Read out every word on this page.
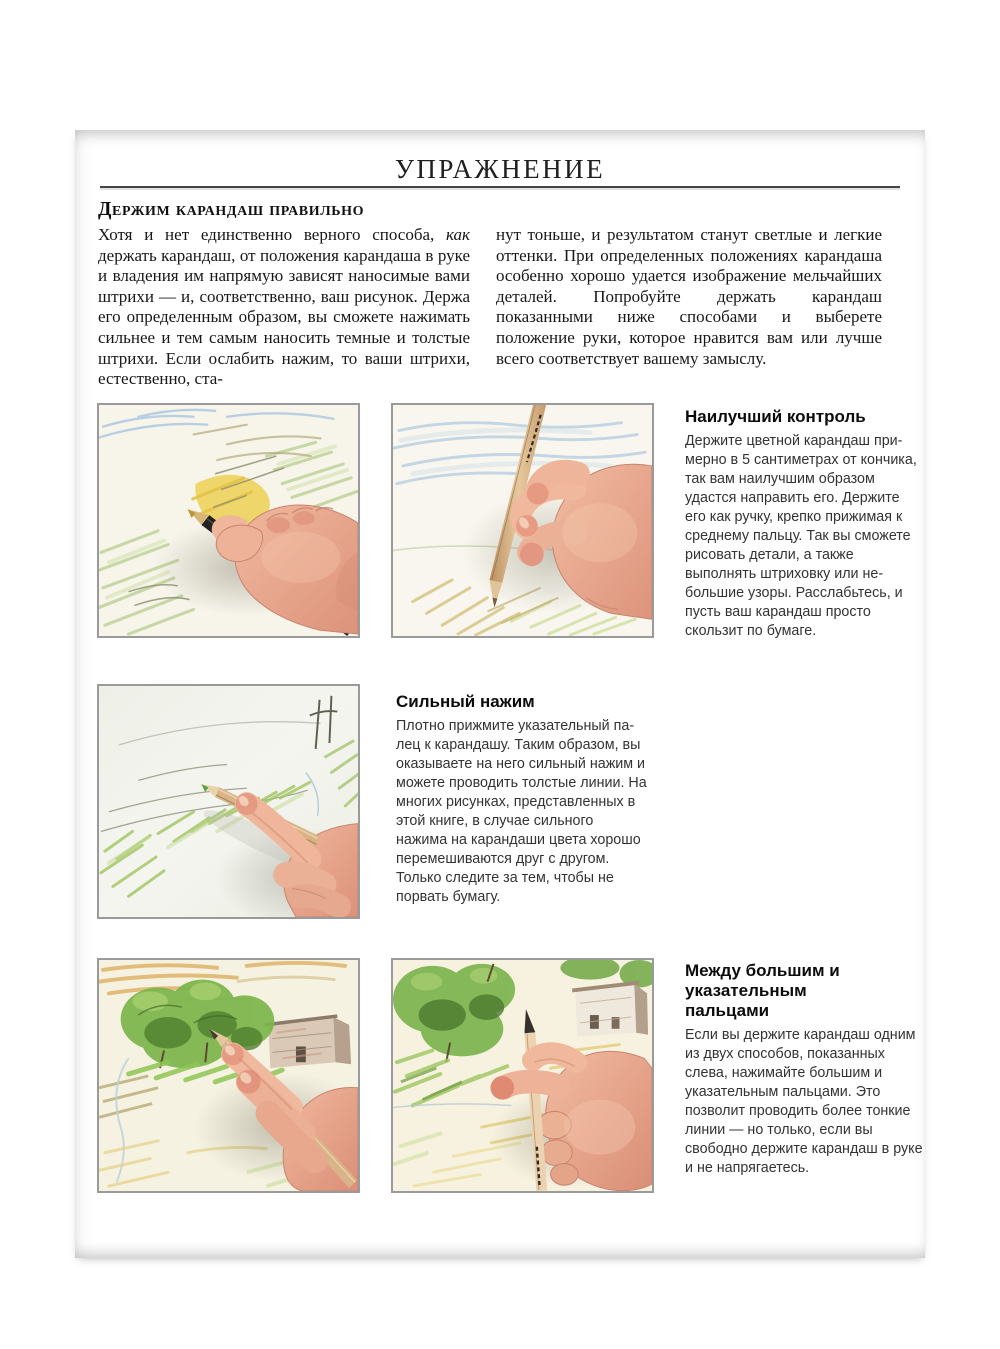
УПРАЖНЕНИЕ
Держим карандаш правильно

Хотя и нет единственно верного способа, как держать карандаш, от положения карандаша в руке и владения им напрямую зависят наносимые вами штрихи — и, соответственно, ваш рисунок. Держа его определенным образом, вы сможете нажимать сильнее и тем самым наносить темные и толстые штрихи. Если ослабить нажим, то ваши штрихи, естественно, ста-

нут тоньше, и результатом станут светлые и легкие оттенки. При определенных положениях карандаша особенно хорошо удается изображение мельчайших деталей. Попробуйте держать карандаш показанными ниже способами и выберете положение руки, которое нравится вам или лучше всего соответствует вашему замыслу.

Наилучший контроль

Держите цветной карандаш примерно в 5 сантиметрах от кончика, так вам наилучшим образом удастся направить его. Держите его как ручку, крепко прижимая к среднему пальцу. Так вы сможете рисовать детали, а также выполнять штриховку или небольшие узоры. Расслабьтесь, и пусть ваш карандаш просто скользит по бумаге.

Сильный нажим

Плотно прижмите указательный палец к карандашу. Таким образом, вы оказываете на него сильный нажим и можете проводить толстые линии. На многих рисунках, представленных в этой книге, в случае сильного нажима на карандаши цвета хорошо перемешиваются друг с другом. Только следите за тем, чтобы не порвать бумагу.

Между большим и указательным пальцами

Если вы держите карандаш одним из двух способов, показанных слева, нажимайте большим и указательным пальцами. Это позволит проводить более тонкие линии — но только, если вы свободно держите карандаш в руке и не напрягаетесь.
